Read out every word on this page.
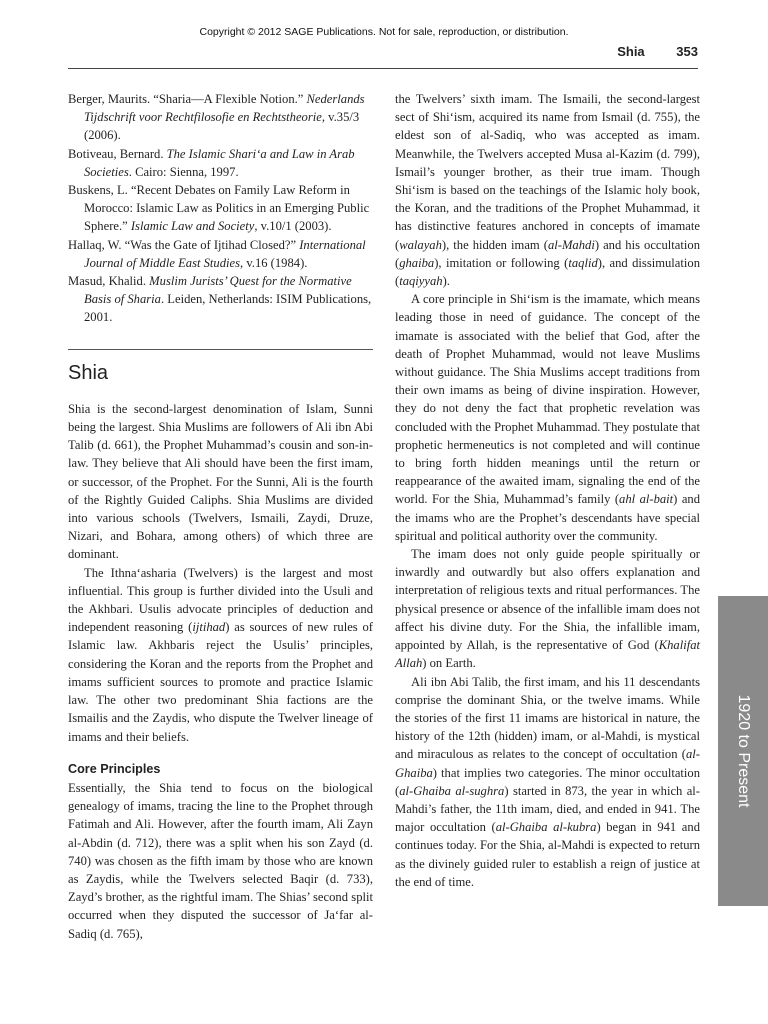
Copyright © 2012 SAGE Publications. Not for sale, reproduction, or distribution.
Shia 353

Berger, Maurits. “Sharia—A Flexible Notion.” Nederlands Tijdschrift voor Rechtfilosofie en Rechtstheorie, v.35/3 (2006).

Botiveau, Bernard. The Islamic Shari‘a and Law in Arab Societies. Cairo: Sienna, 1997.

Buskens, L. “Recent Debates on Family Law Reform in Morocco: Islamic Law as Politics in an Emerging Public Sphere.” Islamic Law and Society, v.10/1 (2003).

Hallaq, W. “Was the Gate of Ijtihad Closed?” International Journal of Middle East Studies, v.16 (1984).

Masud, Khalid. Muslim Jurists’ Quest for the Normative Basis of Sharia. Leiden, Netherlands: ISIM Publications, 2001.

Shia

Shia is the second-largest denomination of Islam, Sunni being the largest. Shia Muslims are followers of Ali ibn Abi Talib (d. 661), the Prophet Muhammad’s cousin and son-in-law. They believe that Ali should have been the first imam, or successor, of the Prophet. For the Sunni, Ali is the fourth of the Rightly Guided Caliphs. Shia Muslims are divided into various schools (Twelvers, Ismaili, Zaydi, Druze, Nizari, and Bohara, among others) of which three are dominant.

The Ithna‘asharia (Twelvers) is the largest and most influential. This group is further divided into the Usuli and the Akhbari. Usulis advocate principles of deduction and independent reasoning (ijtihad) as sources of new rules of Islamic law. Akhbaris reject the Usulis’ principles, considering the Koran and the reports from the Prophet and imams sufficient sources to promote and practice Islamic law. The other two predominant Shia factions are the Ismailis and the Zaydis, who dispute the Twelver lineage of imams and their beliefs.

Core Principles

Essentially, the Shia tend to focus on the biological genealogy of imams, tracing the line to the Prophet through Fatimah and Ali. However, after the fourth imam, Ali Zayn al-Abdin (d. 712), there was a split when his son Zayd (d. 740) was chosen as the fifth imam by those who are known as Zaydis, while the Twelvers selected Baqir (d. 733), Zayd’s brother, as the rightful imam. The Shias’ second split occurred when they disputed the successor of Ja‘far al-Sadiq (d. 765),

the Twelvers’ sixth imam. The Ismaili, the second-largest sect of Shi‘ism, acquired its name from Ismail (d. 755), the eldest son of al-Sadiq, who was accepted as imam. Meanwhile, the Twelvers accepted Musa al-Kazim (d. 799), Ismail’s younger brother, as their true imam. Though Shi‘ism is based on the teachings of the Islamic holy book, the Koran, and the traditions of the Prophet Muhammad, it has distinctive features anchored in concepts of imamate (walayah), the hidden imam (al-Mahdi) and his occultation (ghaiba), imitation or following (taqlid), and dissimulation (taqiyyah).

A core principle in Shi‘ism is the imamate, which means leading those in need of guidance. The concept of the imamate is associated with the belief that God, after the death of Prophet Muhammad, would not leave Muslims without guidance. The Shia Muslims accept traditions from their own imams as being of divine inspiration. However, they do not deny the fact that prophetic revelation was concluded with the Prophet Muhammad. They postulate that prophetic hermeneutics is not completed and will continue to bring forth hidden meanings until the return or reappearance of the awaited imam, signaling the end of the world. For the Shia, Muhammad’s family (ahl al-bait) and the imams who are the Prophet’s descendants have special spiritual and political authority over the community.

The imam does not only guide people spiritually or inwardly and outwardly but also offers explanation and interpretation of religious texts and ritual performances. The physical presence or absence of the infallible imam does not affect his divine duty. For the Shia, the infallible imam, appointed by Allah, is the representative of God (Khalifat Allah) on Earth.

Ali ibn Abi Talib, the first imam, and his 11 descendants comprise the dominant Shia, or the twelve imams. While the stories of the first 11 imams are historical in nature, the history of the 12th (hidden) imam, or al-Mahdi, is mystical and miraculous as relates to the concept of occultation (al-Ghaiba) that implies two categories. The minor occultation (al-Ghaiba al-sughra) started in 873, the year in which al-Mahdi’s father, the 11th imam, died, and ended in 941. The major occultation (al-Ghaiba al-kubra) began in 941 and continues today. For the Shia, al-Mahdi is expected to return as the divinely guided ruler to establish a reign of justice at the end of time.

1920 to Present
